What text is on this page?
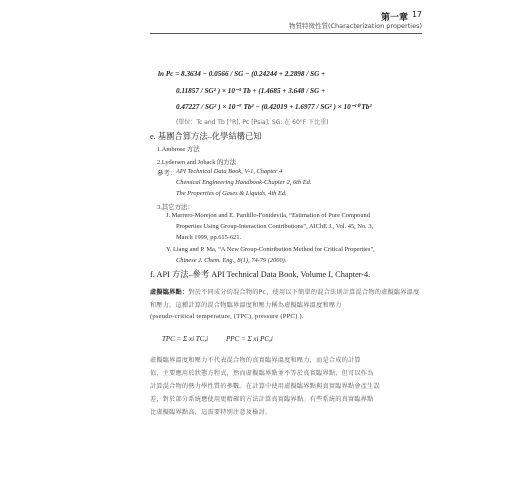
第一章 17
物質特徵性質(Characterization properties)
ln Pc = 8.3634 − 0.0566 / SG − (0.24244 + 2.2898 / SG +
0.11857 / SG² ) × 10⁻³ Tb + (1.4685 + 3.648 / SG +
0.47227 / SG² ) × 10⁻⁷ Tb² − (0.42019 + 1.6977 / SG² ) × 10⁻¹⁰ Tb³
(單位：Tc and Tb [°R], Pc [Psia]; SG: 在 60°F 下比重)
e. 基團合算方法–化學結構已知
1.Ambrose 方法
2.Lydersen and Joback 的方法
參考： API Technical Data Book, V-1, Chapter 4
Chemical Engineering Handbook-Chapter 2, 6th Ed.
The Properties of Gases & Liquids, 4th Ed.
3.其它方法：
J. Marrero-Morejon and E. Pardillo-Fontdevila, “Estimation of Pure Compound
Properties Using Group-Interaction Contributions”, AIChE J., Vol. 45, No. 3,
March 1999, pp.615-621.
Y. Liang and P. Ma, “A New Group-Contribution Method for Critical Properties”,
Chinese J. Chem. Eng., 8(1), 74-79 (2000).
f. API 方法–參考 API Technical Data Book, Volume I, Chapter-4.
虛擬臨界點：對於不同成分的混合物的Pc，使用以下簡單的混合法則計算混合物的虛擬臨界溫度
和壓力。這種計算的混合物臨界溫度和壓力稱為虛擬臨界溫度和壓力
(pseudo-critical temperature, (TPC), pressure (PPC) ).
TPC = Σ xi TC,i	PPC = Σ xi PC,i
虛擬臨界溫度和壓力不代表混合物的真實臨界溫度和壓力，而是合成的計算
值，主要應用於狀態方程式，然而虛擬臨界點並不等於真實臨界點，但可以作為
計算混合物的熱力學性質的參數。在計算中使用虛擬臨界點與真實臨界點會產生誤
差，對於部分系統應使用更精確的方法計算真實臨界點。有些系統的真實臨界點
比虛擬臨界點高，這需要特別注意及檢討。
